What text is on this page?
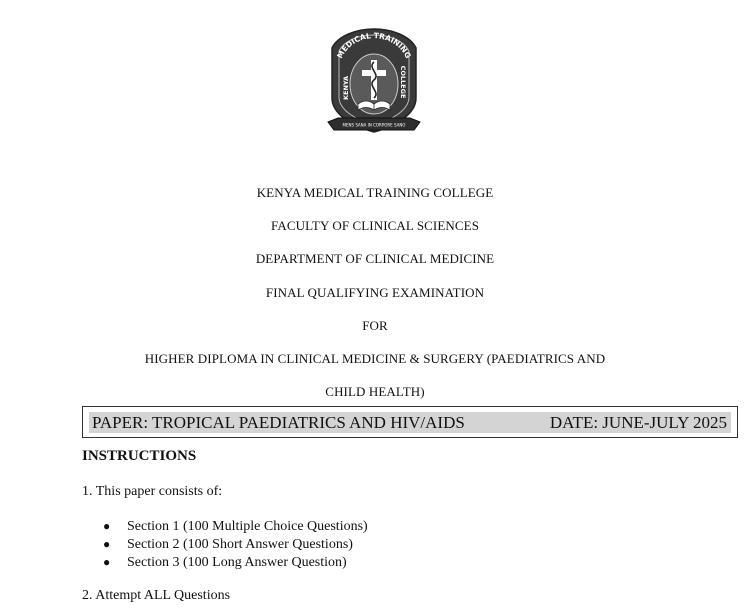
MEDICAL TRAINING
KENYA	COLLEGE
MENS SANA IN CORPORE SANO
KENYA MEDICAL TRAINING COLLEGE
FACULTY OF CLINICAL SCIENCES
DEPARTMENT OF CLINICAL MEDICINE
FINAL QUALIFYING EXAMINATION
FOR
HIGHER DIPLOMA IN CLINICAL MEDICINE & SURGERY (PAEDIATRICS AND
CHILD HEALTH)
PAPER: TROPICAL PAEDIATRICS AND HIV/AIDS	DATE: JUNE-JULY 2025
INSTRUCTIONS
1. This paper consists of:
● Section 1 (100 Multiple Choice Questions)
● Section 2 (100 Short Answer Questions)
● Section 3 (100 Long Answer Question)
2. Attempt ALL Questions
